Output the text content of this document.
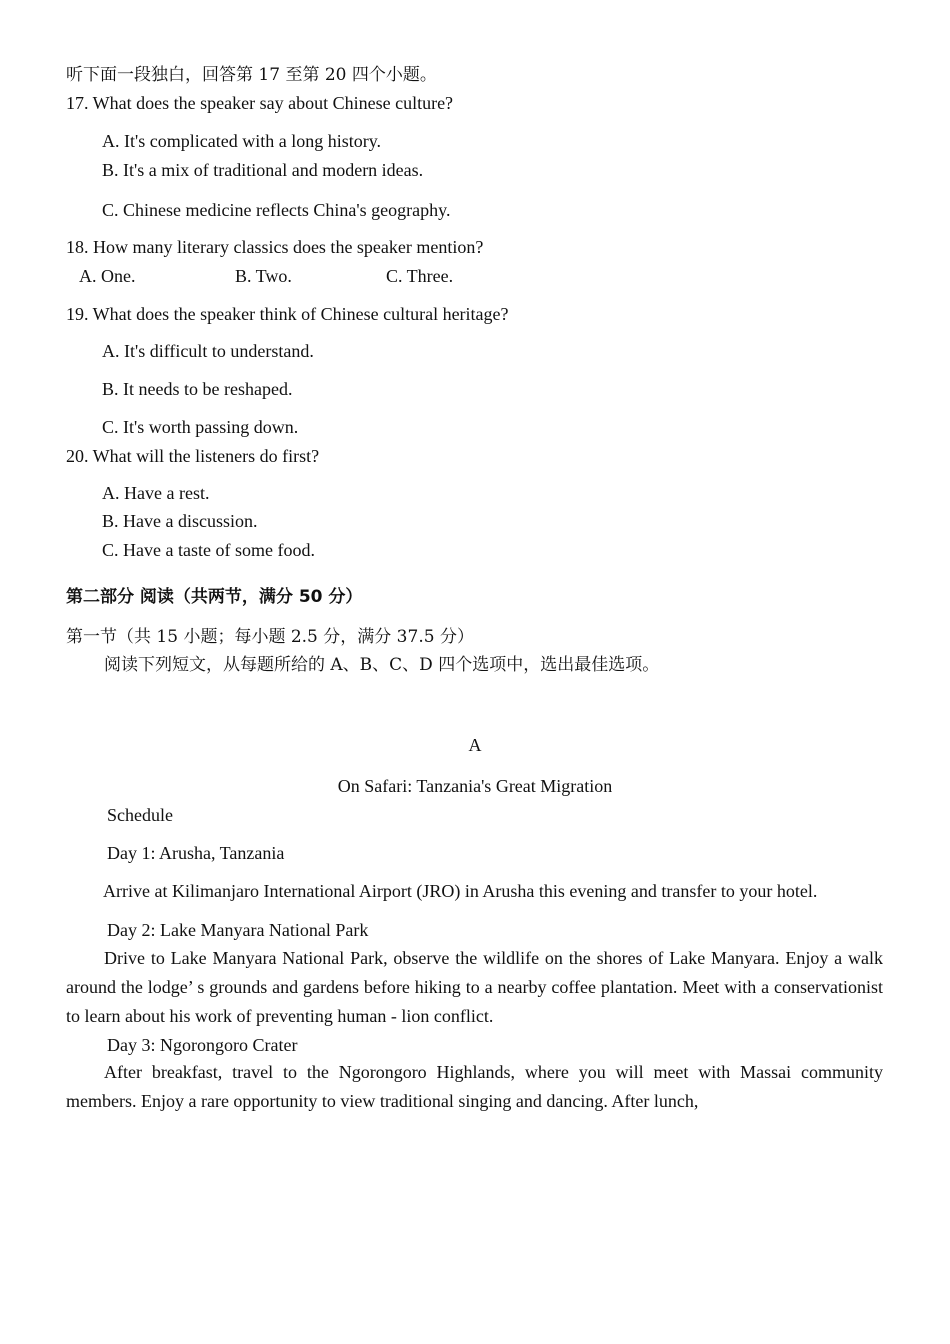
听下面一段独白，回答第 17 至第 20 四个小题。
17. What does the speaker say about Chinese culture?
A. It's complicated with a long history.
B. It's a mix of traditional and modern ideas.
C. Chinese medicine reflects China's geography.
18. How many literary classics does the speaker mention?
A. One.	B. Two.	C. Three.
19. What does the speaker think of Chinese cultural heritage?
A. It's difficult to understand.
B. It needs to be reshaped.
C. It's worth passing down.
20. What will the listeners do first?
A. Have a rest.
B. Have a discussion.
C. Have a taste of some food.
第二部分 阅读（共两节，满分 50 分）
第一节（共 15 小题；每小题 2.5 分，满分 37.5 分）
阅读下列短文，从每题所给的 A、B、C、D 四个选项中，选出最佳选项。
A
On Safari: Tanzania's Great Migration
Schedule
Day 1: Arusha, Tanzania
Arrive at Kilimanjaro International Airport (JRO) in Arusha this evening and transfer to your hotel.
Day 2: Lake Manyara National Park
Drive to Lake Manyara National Park, observe the wildlife on the shores of Lake Manyara. Enjoy a walk around the lodge’ s grounds and gardens before hiking to a nearby coffee plantation. Meet with a conservationist to learn about his work of preventing human - lion conflict.
Day 3: Ngorongoro Crater
After breakfast, travel to the Ngorongoro Highlands, where you will meet with Massai community members. Enjoy a rare opportunity to view traditional singing and dancing. After lunch,
